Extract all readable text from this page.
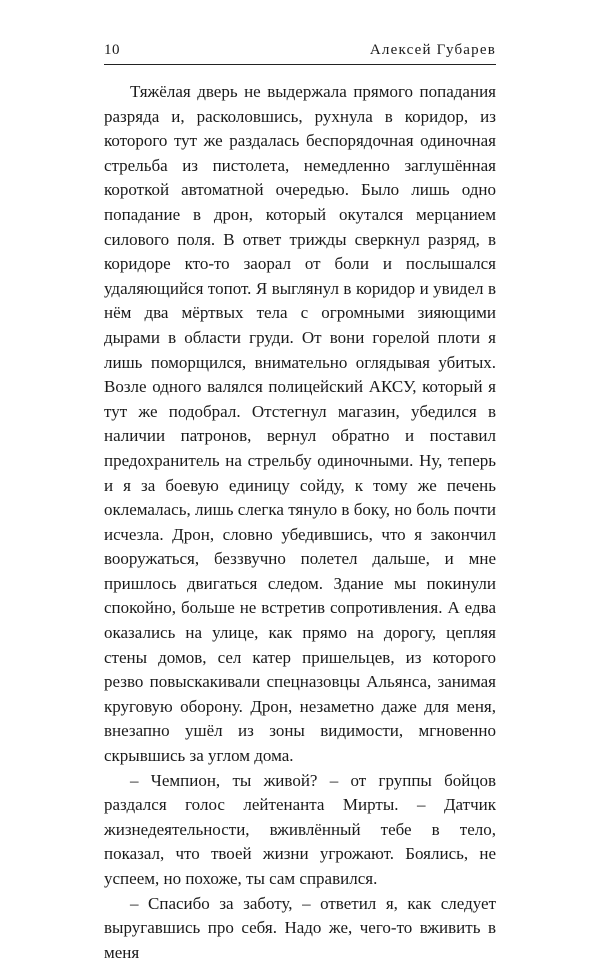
10	Алексей Губарев

Тяжёлая дверь не выдержала прямого попадания разряда и, расколовшись, рухнула в коридор, из которого тут же раздалась беспорядочная одиночная стрельба из пистолета, немедленно заглушённая короткой автоматной очередью. Было лишь одно попадание в дрон, который окутался мерцанием силового поля. В ответ трижды сверкнул разряд, в коридоре кто-то заорал от боли и послышался удаляющийся топот. Я выглянул в коридор и увидел в нём два мёртвых тела с огромными зияющими дырами в области груди. От вони горелой плоти я лишь поморщился, внимательно оглядывая убитых. Возле одного валялся полицейский АКСУ, который я тут же подобрал. Отстегнул магазин, убедился в наличии патронов, вернул обратно и поставил предохранитель на стрельбу одиночными. Ну, теперь и я за боевую единицу сойду, к тому же печень оклемалась, лишь слегка тянуло в боку, но боль почти исчезла. Дрон, словно убедившись, что я закончил вооружаться, беззвучно полетел дальше, и мне пришлось двигаться следом. Здание мы покинули спокойно, больше не встретив сопротивления. А едва оказались на улице, как прямо на дорогу, цепляя стены домов, сел катер пришельцев, из которого резво повыскакивали спецназовцы Альянса, занимая круговую оборону. Дрон, незаметно даже для меня, внезапно ушёл из зоны видимости, мгновенно скрывшись за углом дома.

– Чемпион, ты живой? – от группы бойцов раздался голос лейтенанта Мирты. – Датчик жизнедеятельности, вживлённый тебе в тело, показал, что твоей жизни угрожают. Боялись, не успеем, но похоже, ты сам справился.

– Спасибо за заботу, – ответил я, как следует выругавшись про себя. Надо же, чего-то вживить в меня
